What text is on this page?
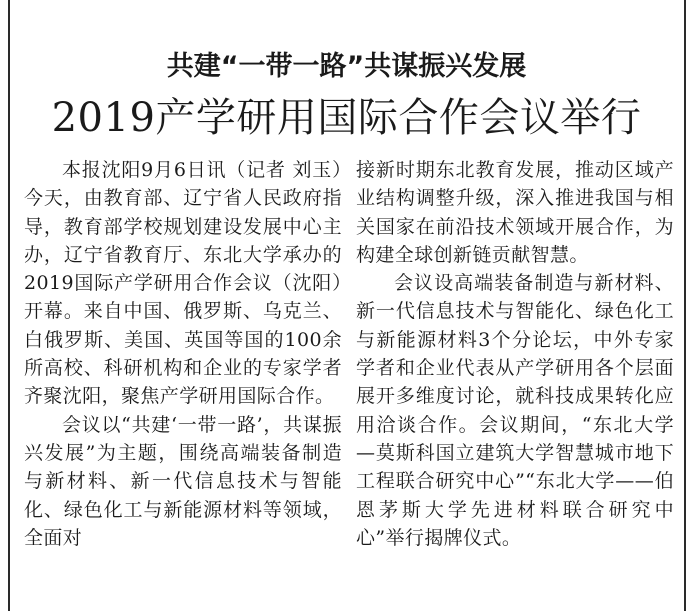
共建“一带一路”共谋振兴发展
2019产学研用国际合作会议举行

本报沈阳9月6日讯（记者 刘玉）今天，由教育部、辽宁省人民政府指导，教育部学校规划建设发展中心主办，辽宁省教育厅、东北大学承办的2019国际产学研用合作会议（沈阳）开幕。来自中国、俄罗斯、乌克兰、白俄罗斯、美国、英国等国的100余所高校、科研机构和企业的专家学者齐聚沈阳，聚焦产学研用国际合作。

会议以“共建‘一带一路’，共谋振兴发展”为主题，围绕高端装备制造与新材料、新一代信息技术与智能化、绿色化工与新能源材料等领域，全面对

接新时期东北教育发展，推动区域产业结构调整升级，深入推进我国与相关国家在前沿技术领域开展合作，为构建全球创新链贡献智慧。

会议设高端装备制造与新材料、新一代信息技术与智能化、绿色化工与新能源材料3个分论坛，中外专家学者和企业代表从产学研用各个层面展开多维度讨论，就科技成果转化应用洽谈合作。会议期间，“东北大学—莫斯科国立建筑大学智慧城市地下工程联合研究中心”“东北大学——伯恩茅斯大学先进材料联合研究中心”举行揭牌仪式。
